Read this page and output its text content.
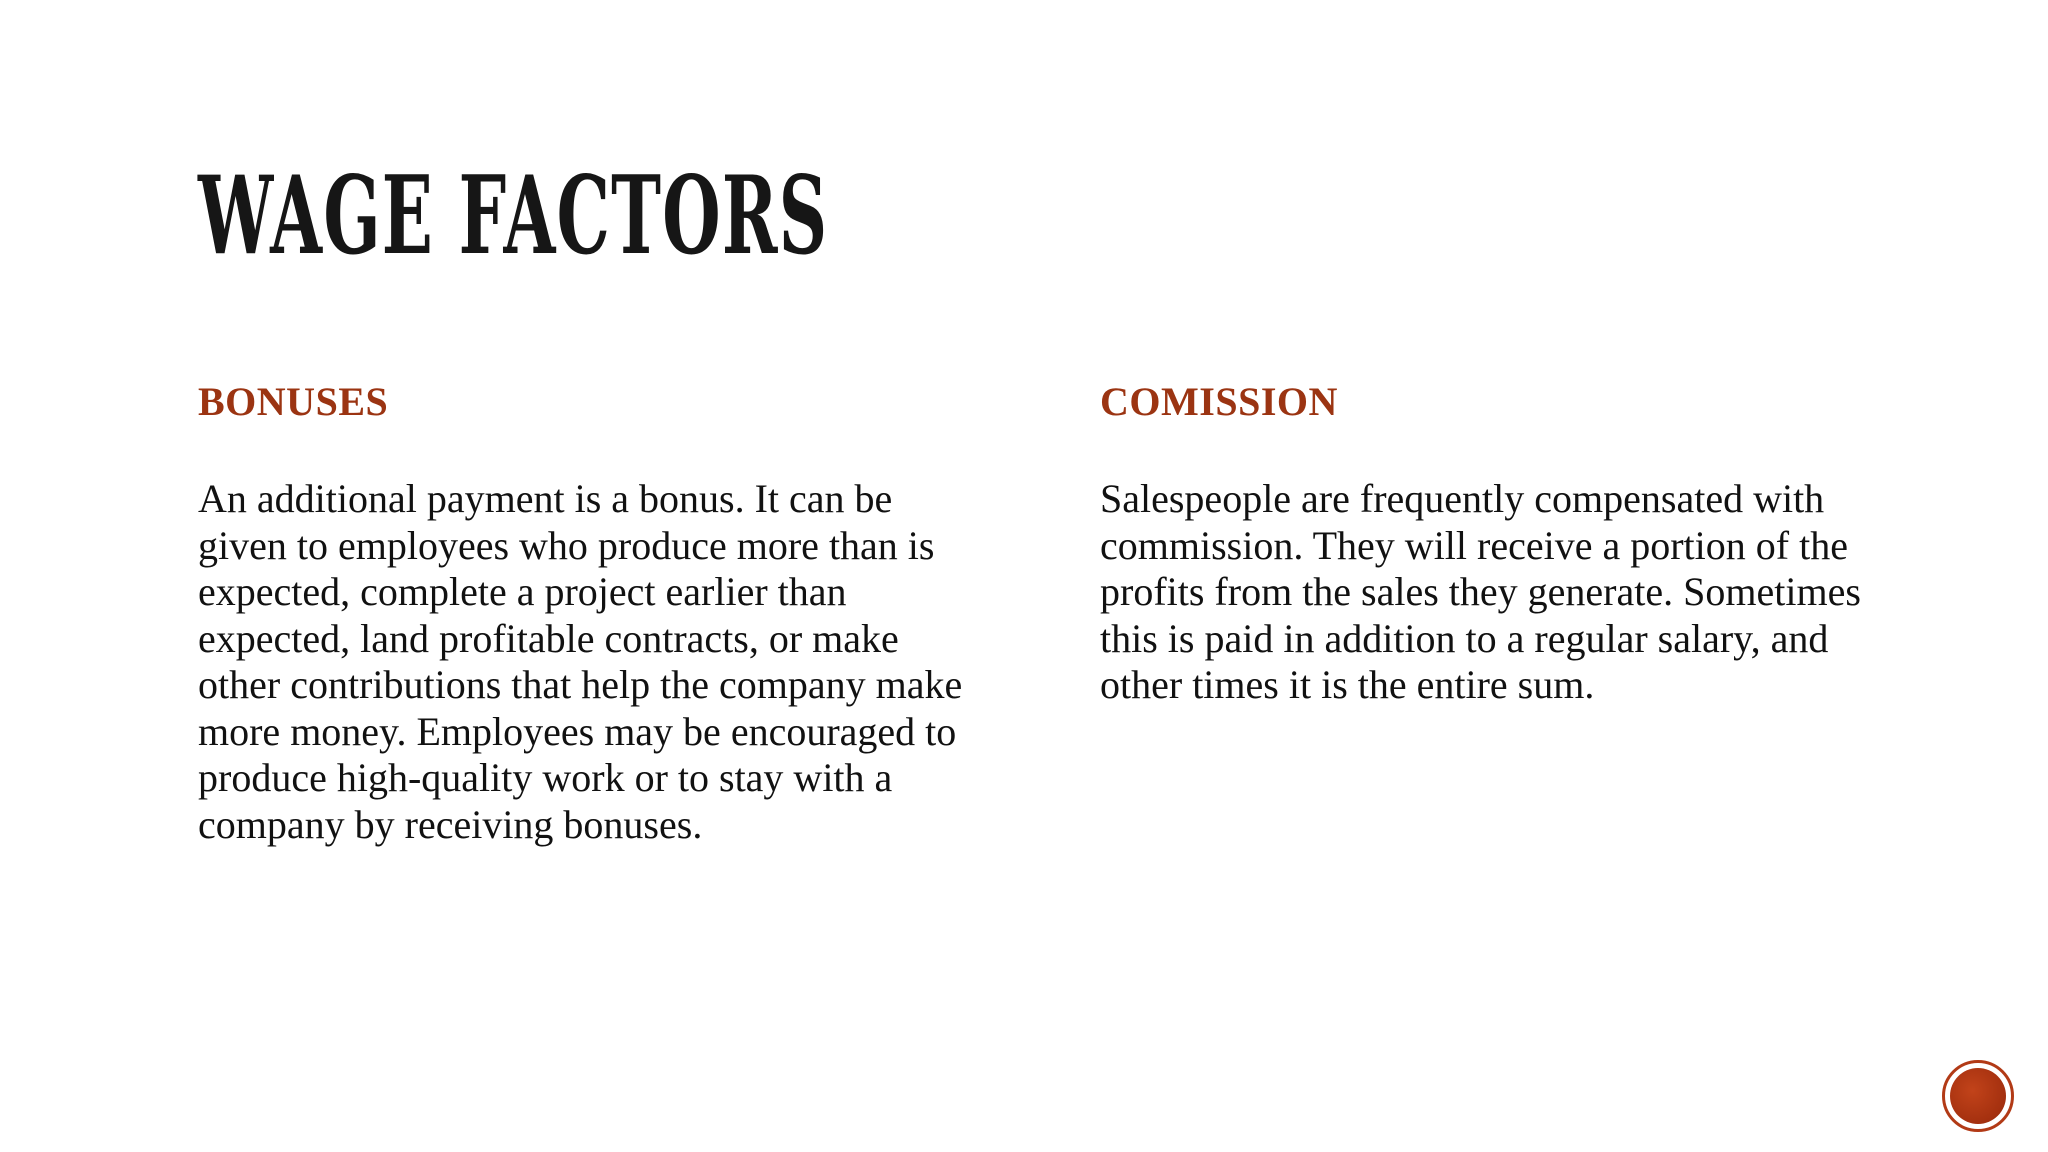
WAGE FACTORS
BONUSES

An additional payment is a bonus. It can be given to employees who produce more than is expected, complete a project earlier than expected, land profitable contracts, or make other contributions that help the company make more money. Employees may be encouraged to produce high-quality work or to stay with a company by receiving bonuses.

COMISSION

Salespeople are frequently compensated with commission. They will receive a portion of the profits from the sales they generate. Sometimes this is paid in addition to a regular salary, and other times it is the entire sum.
